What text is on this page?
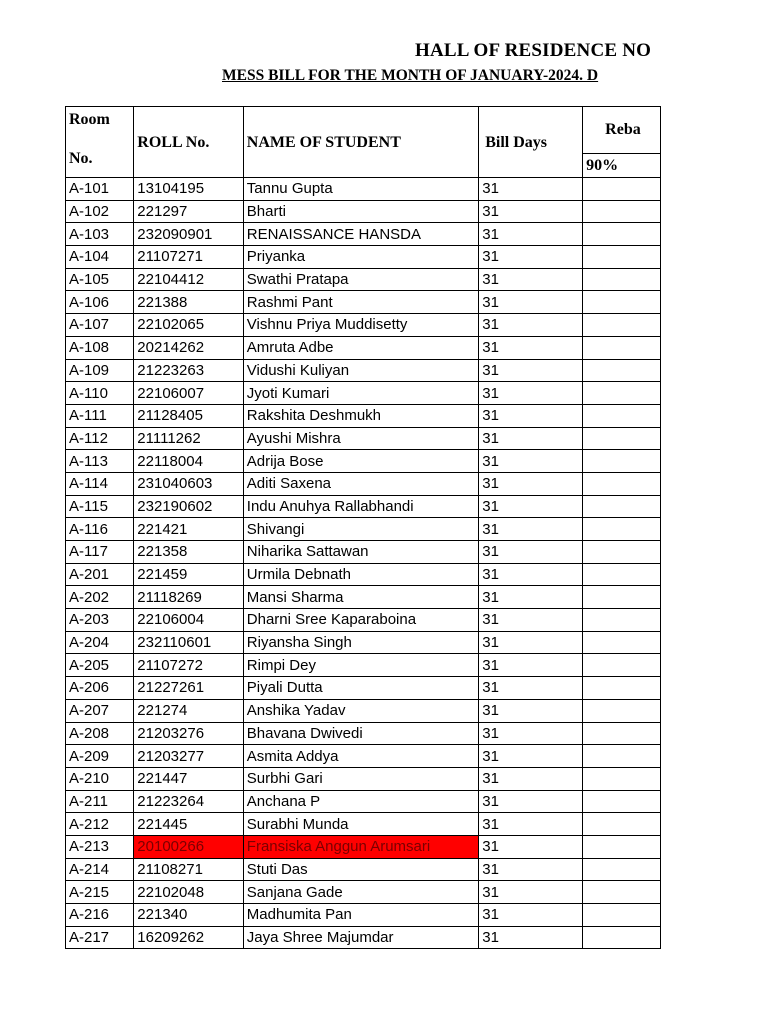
HALL OF RESIDENCE NO
MESS BILL FOR THE MONTH OF JANUARY-2024. D
Room
No.	ROLL No.	NAME OF STUDENT	Bill Days	Reba
				90%
A-101	13104195	Tannu Gupta	31	
A-102	221297	Bharti	31	
A-103	232090901	RENAISSANCE HANSDA	31	
A-104	21107271	Priyanka	31	
A-105	22104412	Swathi Pratapa	31	
A-106	221388	Rashmi Pant	31	
A-107	22102065	Vishnu Priya Muddisetty	31	
A-108	20214262	Amruta Adbe	31	
A-109	21223263	Vidushi Kuliyan	31	
A-110	22106007	Jyoti Kumari	31	
A-111	21128405	Rakshita Deshmukh	31	
A-112	21111262	Ayushi Mishra	31	
A-113	22118004	Adrija Bose	31	
A-114	231040603	Aditi Saxena	31	
A-115	232190602	Indu Anuhya Rallabhandi	31	
A-116	221421	Shivangi	31	
A-117	221358	Niharika Sattawan	31	
A-201	221459	Urmila Debnath	31	
A-202	21118269	Mansi Sharma	31	
A-203	22106004	Dharni Sree Kaparaboina	31	
A-204	232110601	Riyansha Singh	31	
A-205	21107272	Rimpi Dey	31	
A-206	21227261	Piyali Dutta	31	
A-207	221274	Anshika Yadav	31	
A-208	21203276	Bhavana Dwivedi	31	
A-209	21203277	Asmita Addya	31	
A-210	221447	Surbhi Gari	31	
A-211	21223264	Anchana P	31	
A-212	221445	Surabhi Munda	31	
A-213	20100266	Fransiska Anggun Arumsari	31	
A-214	21108271	Stuti Das	31	
A-215	22102048	Sanjana Gade	31	
A-216	221340	Madhumita Pan	31	
A-217	16209262	Jaya Shree Majumdar	31	
